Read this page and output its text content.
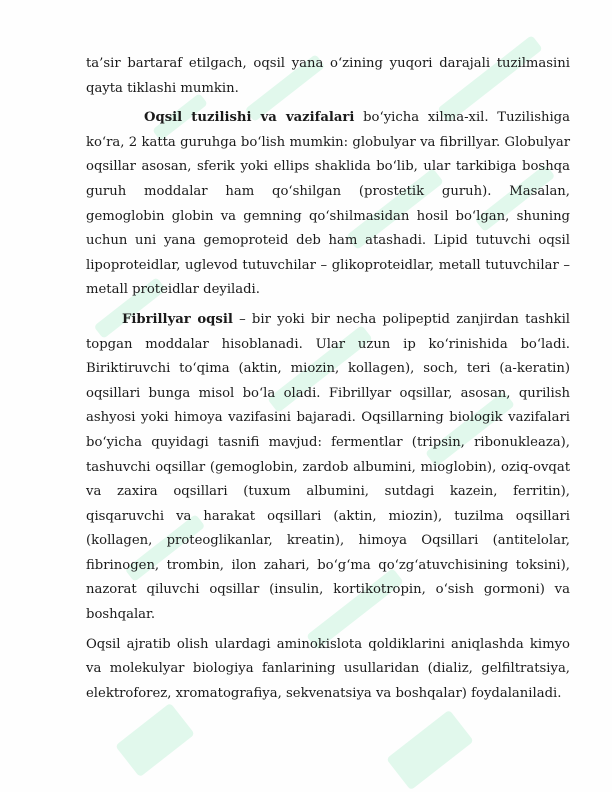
ta’sir bartaraf etilgach, oqsil yana o‘zining yuqori darajali tuzilmasini qayta tiklashi mumkin.

Oqsil tuzilishi va vazifalari bo‘yicha xilma-xil. Tuzilishiga ko‘ra, 2 katta guruhga bo‘lish mumkin: globulyar va fibrillyar. Globulyar oqsillar asosan, sferik yoki ellips shaklida bo‘lib, ular tarkibiga boshqa guruh moddalar ham qo‘shilgan (prostetik guruh). Masalan, gemoglobin globin va gemning qo‘shilmasidan hosil bo‘lgan, shuning uchun uni yana gemoproteid deb ham atashadi. Lipid tutuvchi oqsil lipoproteidlar, uglevod tutuvchilar – glikoproteidlar, metall tutuvchilar – metall proteidlar deyiladi.

Fibrillyar oqsil – bir yoki bir necha polipeptid zanjirdan tashkil topgan moddalar hisoblanadi. Ular uzun ip ko‘rinishida bo‘ladi. Biriktiruvchi to‘qima (aktin, miozin, kollagen), soch, teri (a-keratin) oqsillari bunga misol bo‘la oladi. Fibrillyar oqsillar, asosan, qurilish ashyosi yoki himoya vazifasini bajaradi. Oqsillarning biologik vazifalari bo‘yicha quyidagi tasnifi mavjud: fermentlar (tripsin, ribonukleaza), tashuvchi oqsillar (gemoglobin, zardob albumini, mioglobin), oziq-ovqat va zaxira oqsillari (tuxum albumini, sutdagi kazein, ferritin), qisqaruvchi va harakat oqsillari (aktin, miozin), tuzilma oqsillari (kollagen, proteoglikanlar, kreatin), himoya Oqsillari (antitelolar, fibrinogen, trombin, ilon zahari, bo‘g‘ma qo‘zg‘atuvchisining toksini), nazorat qiluvchi oqsillar (insulin, kortikotropin, o‘sish gormoni) va boshqalar.

Oqsil ajratib olish ulardagi aminokislota qoldiklarini aniqlashda kimyo va molekulyar biologiya fanlarining usullaridan (dializ, gelfiltratsiya, elektroforez, xromatografiya, sekvenatsiya va boshqalar) foydalaniladi.
